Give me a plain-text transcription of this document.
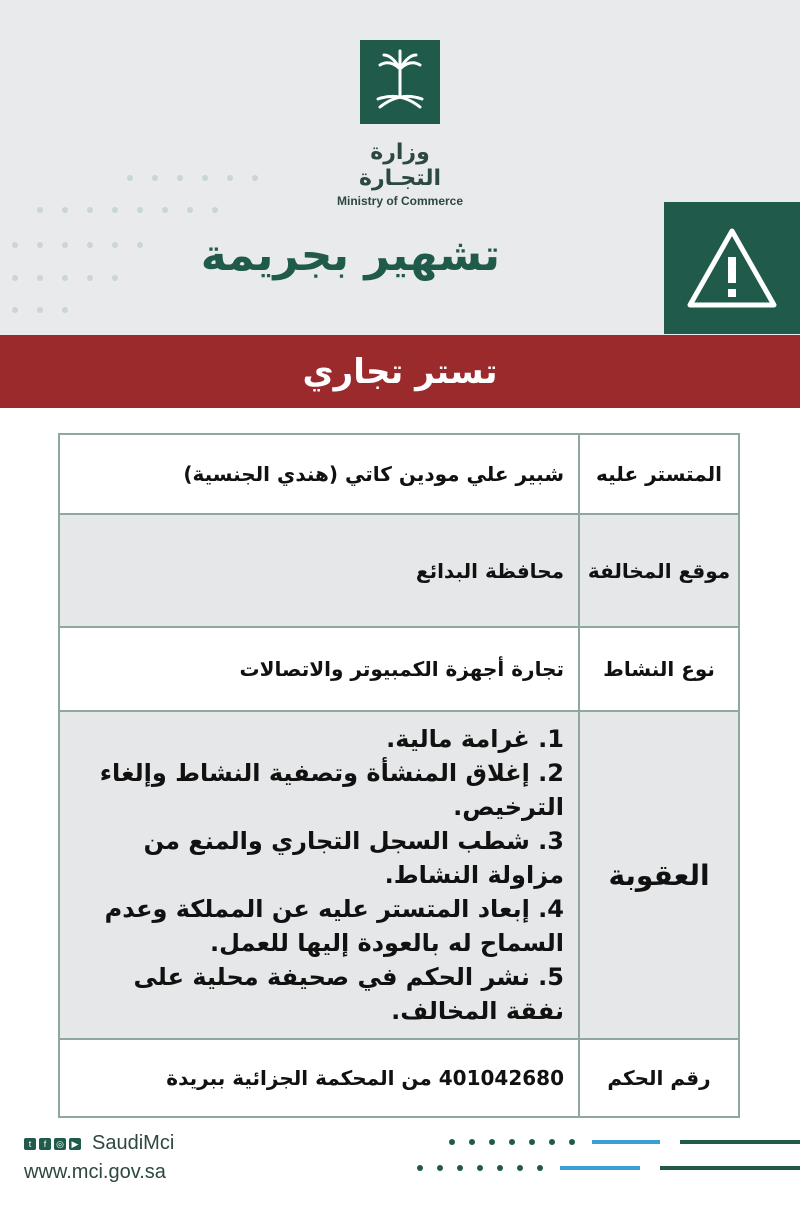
وزارة التجـارة
Ministry of Commerce
تشهير بجريمة
تستر تجاري
المتستر عليه	شبير علي مودين كاتي (هندي الجنسية)
موقع المخالفة	محافظة البدائع
نوع النشاط	تجارة أجهزة الكمبيوتر والاتصالات
العقوبة	1. غرامة مالية.
2. إغلاق المنشأة وتصفية النشاط وإلغاء الترخيص.
3. شطب السجل التجاري والمنع من مزاولة النشاط.
4. إبعاد المتستر عليه عن المملكة وعدم السماح له بالعودة إليها للعمل.
5. نشر الحكم في صحيفة محلية على نفقة المخالف.

رقم الحكم	401042680 من المحكمة الجزائية ببريدة
t	f	◎ ▶ SaudiMci
www.mci.gov.sa
